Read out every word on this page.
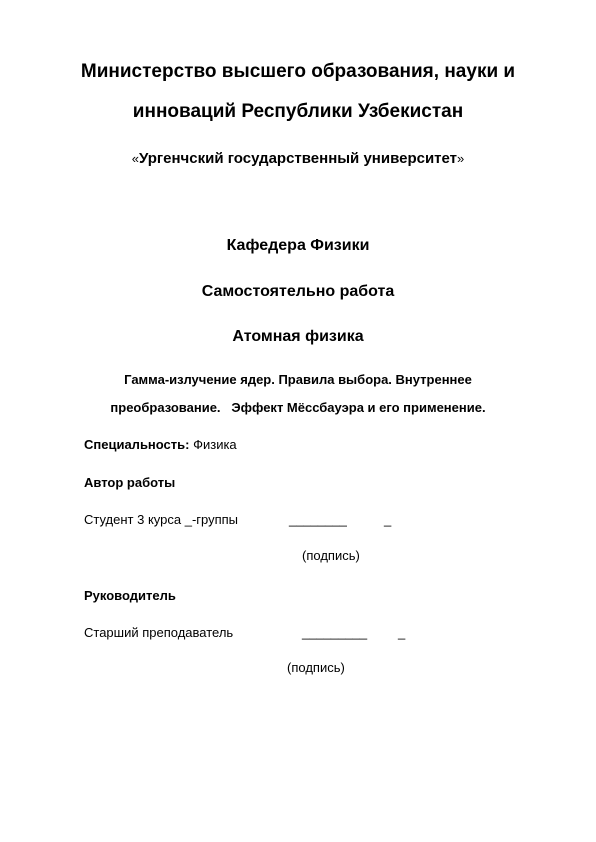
Министерство высшего образования, науки и
инноваций Республики Узбекистан
«Ургенчский государственный университет»
Кафедера Физики
Самостоятельно работа
Атомная физика
Гамма-излучение ядер. Правила выбора. Внутреннее
преобразование.   Эффект Мёссбауэра и его применение.
Специальность: Физика
Автор работы
Студент 3 курса _-группы	________	_
(подпись)
Руководитель
Старший преподаватель	_________ _
(подпись)
